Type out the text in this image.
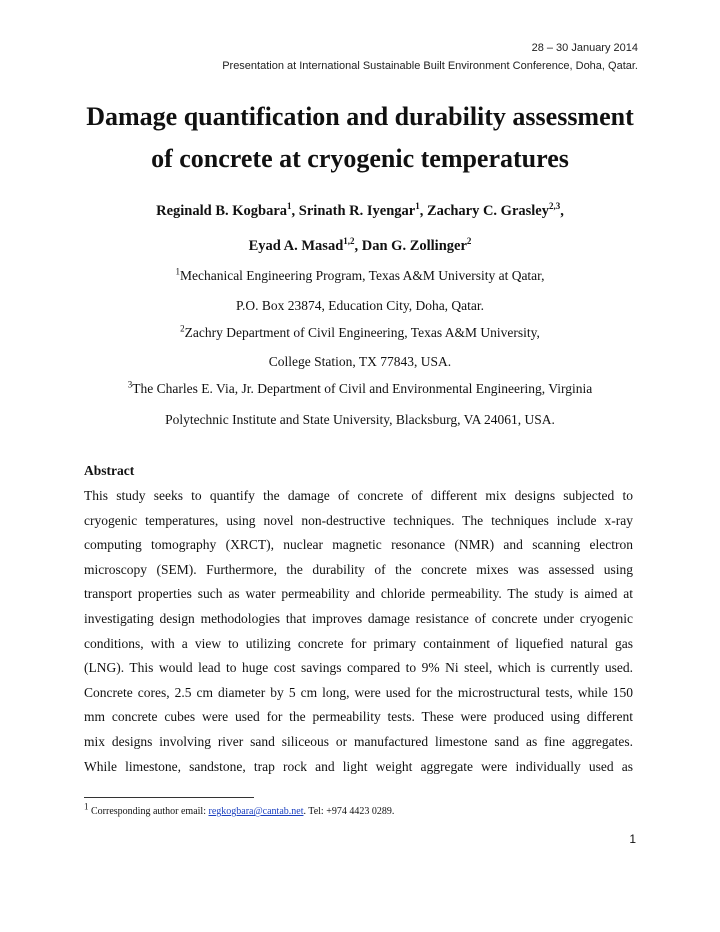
28 – 30 January 2014
Presentation at International Sustainable Built Environment Conference, Doha, Qatar.
Damage quantification and durability assessment
of concrete at cryogenic temperatures
Reginald B. Kogbara$^1$, Srinath R. Iyengar$^1$, Zachary C. Grasley$^{2,3}$,
Eyad A. Masad$^{1,2}$, Dan G. Zollinger$^2$
$^1$Mechanical Engineering Program, Texas A&M University at Qatar,
P.O. Box 23874, Education City, Doha, Qatar.
$^2$Zachry Department of Civil Engineering, Texas A&M University,
College Station, TX 77843, USA.
$^3$The Charles E. Via, Jr. Department of Civil and Environmental Engineering, Virginia
Polytechnic Institute and State University, Blacksburg, VA 24061, USA.
Abstract
This study seeks to quantify the damage of concrete of different mix designs subjected to
cryogenic temperatures, using novel non-destructive techniques. The techniques include x-ray
computing tomography (XRCT), nuclear magnetic resonance (NMR) and scanning electron
microscopy (SEM). Furthermore, the durability of the concrete mixes was assessed using
transport properties such as water permeability and chloride permeability. The study is aimed at
investigating design methodologies that improves damage resistance of concrete under cryogenic
conditions, with a view to utilizing concrete for primary containment of liquefied natural gas
(LNG). This would lead to huge cost savings compared to 9% Ni steel, which is currently used.
Concrete cores, 2.5 cm diameter by 5 cm long, were used for the microstructural tests, while 150
mm concrete cubes were used for the permeability tests. These were produced using different
mix designs involving river sand siliceous or manufactured limestone sand as fine aggregates.
While limestone, sandstone, trap rock and light weight aggregate were individually used as
$^1$ Corresponding author email: regkogbara@cantab.net. Tel: +974 4423 0289.
1
